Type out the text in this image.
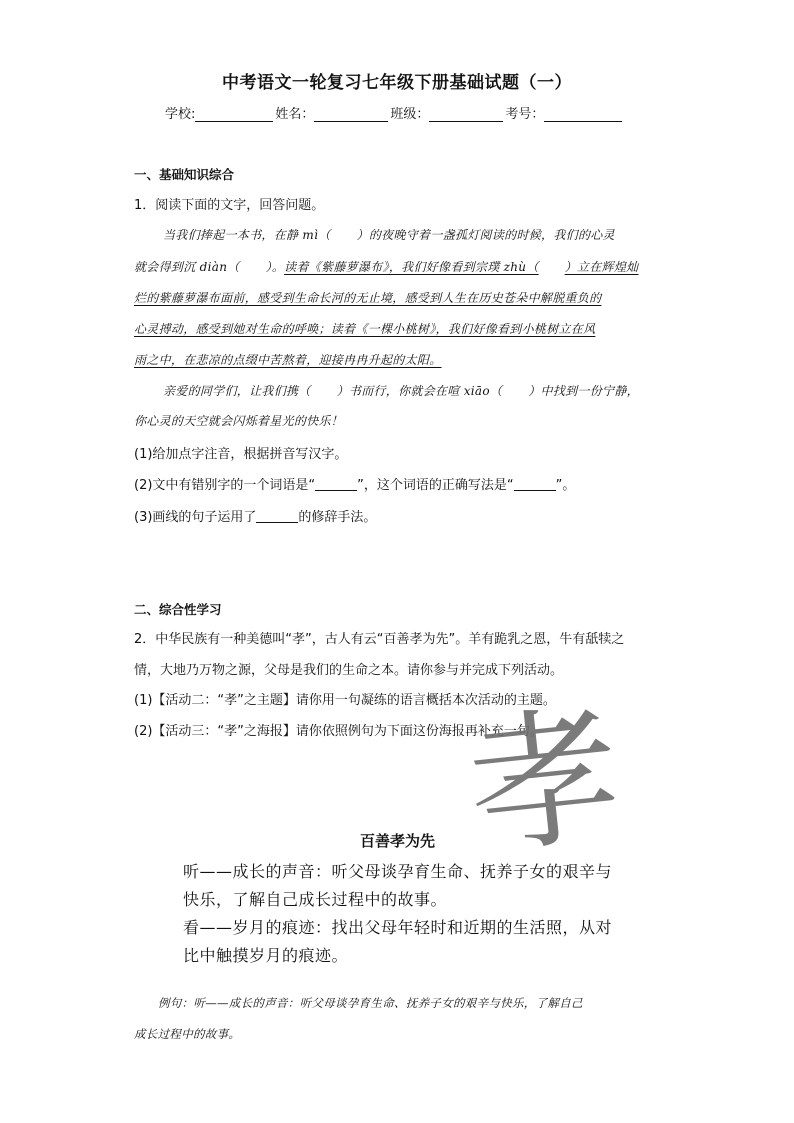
中考语文一轮复习七年级下册基础试题（一）
学校:	姓名：	班级：	考号：
一、基础知识综合
1．阅读下面的文字，回答问题。
当我们捧起一本书，在静 mì（ ）的夜晚守着一盏孤灯阅读的时候，我们的心灵
就会得到沉 diàn（ ）。读着《紫藤萝瀑布》，我们好像看到宗璞 zhù（ ）立在辉煌灿
烂的紫藤萝瀑布面前，感受到生命长河的无止境，感受到人生在历史苍朵中解脱重负的
心灵搏动，感受到她对生命的呼唤；读着《一棵小桃树》，我们好像看到小桃树立在风
雨之中，在悲凉的点缀中苦熬着，迎接冉冉升起的太阳。
亲爱的同学们，让我们携（ ）书而行，你就会在喧 xiāo（ ）中找到一份宁静，
你心灵的天空就会闪烁着星光的快乐！
(1)给加点字注音，根据拼音写汉字。
(2)文中有错别字的一个词语是“	”，这个词语的正确写法是“	”。
(3)画线的句子运用了	的修辞手法。
二、综合性学习
2．中华民族有一种美德叫“孝”，古人有云“百善孝为先”。羊有跪乳之恩，牛有舐犊之
情，大地乃万物之源，父母是我们的生命之本。请你参与并完成下列活动。
(1)【活动二：“孝”之主题】请你用一句凝练的语言概括本次活动的主题。
(2)【活动三：“孝”之海报】请你依照例句为下面这份海报再补充一句。
孝
百善孝为先
听——成长的声音：听父母谈孕育生命、抚养子女的艰辛与
快乐，了解自己成长过程中的故事。
看——岁月的痕迹：找出父母年轻时和近期的生活照，从对
比中触摸岁月的痕迹。
例句：听——成长的声音：听父母谈孕育生命、抚养子女的艰辛与快乐，了解自己
成长过程中的故事。
